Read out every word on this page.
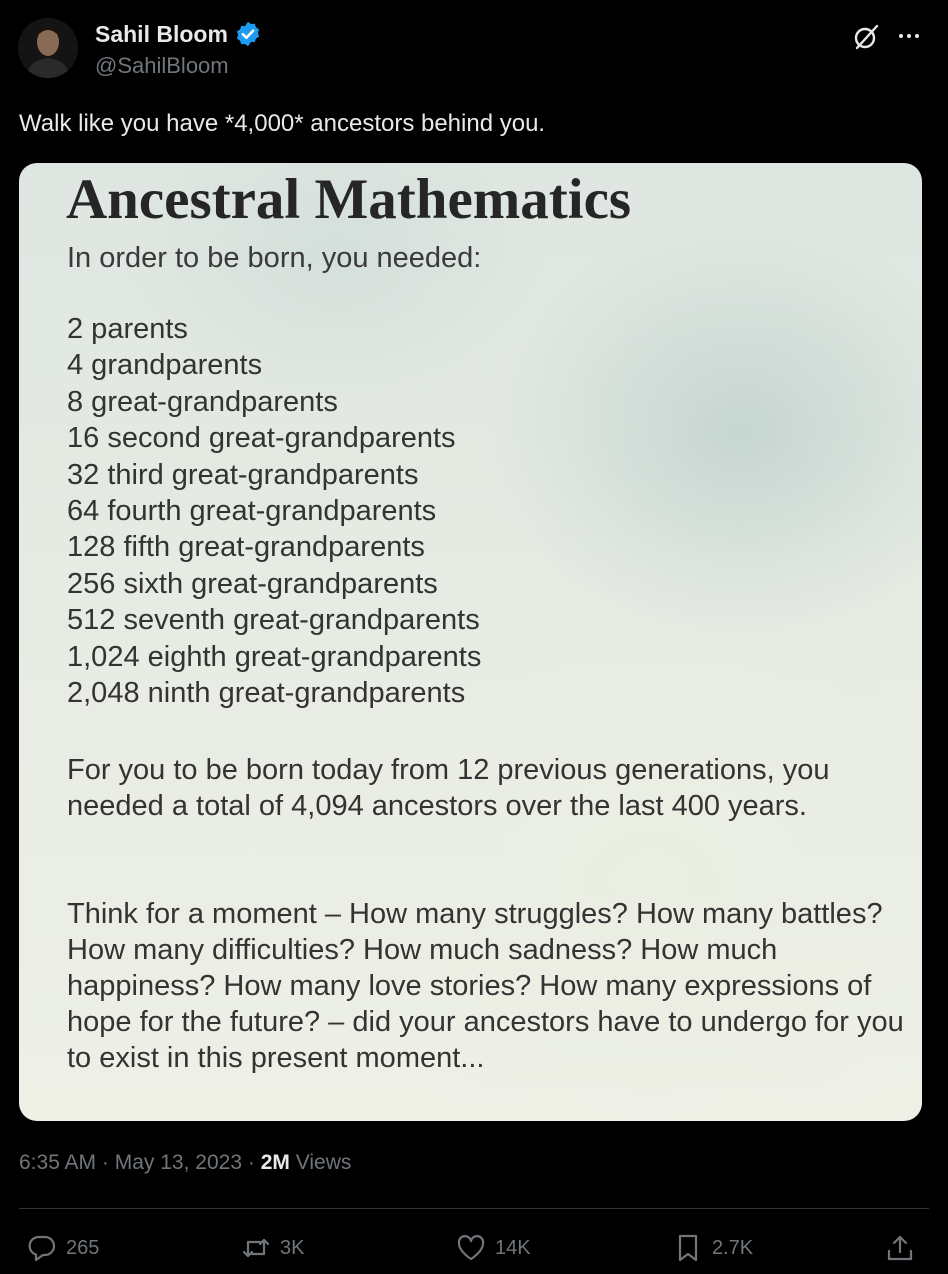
Sahil Bloom
@SahilBloom
Walk like you have *4,000* ancestors behind you.
Ancestral Mathematics
In order to be born, you needed:
2 parents
4 grandparents
8 great-grandparents
16 second great-grandparents
32 third great-grandparents
64 fourth great-grandparents
128 fifth great-grandparents
256 sixth great-grandparents
512 seventh great-grandparents
1,024 eighth great-grandparents
2,048 ninth great-grandparents

For you to be born today from 12 previous generations, you needed a total of 4,094 ancestors over the last 400 years.

Think for a moment – How many struggles? How many battles? How many difficulties? How much sadness? How much happiness? How many love stories? How many expressions of hope for the future? – did your ancestors have to undergo for you to exist in this present moment...

6:35 AM · May 13, 2023 · 2M Views
265	3K	14K	2.7K
